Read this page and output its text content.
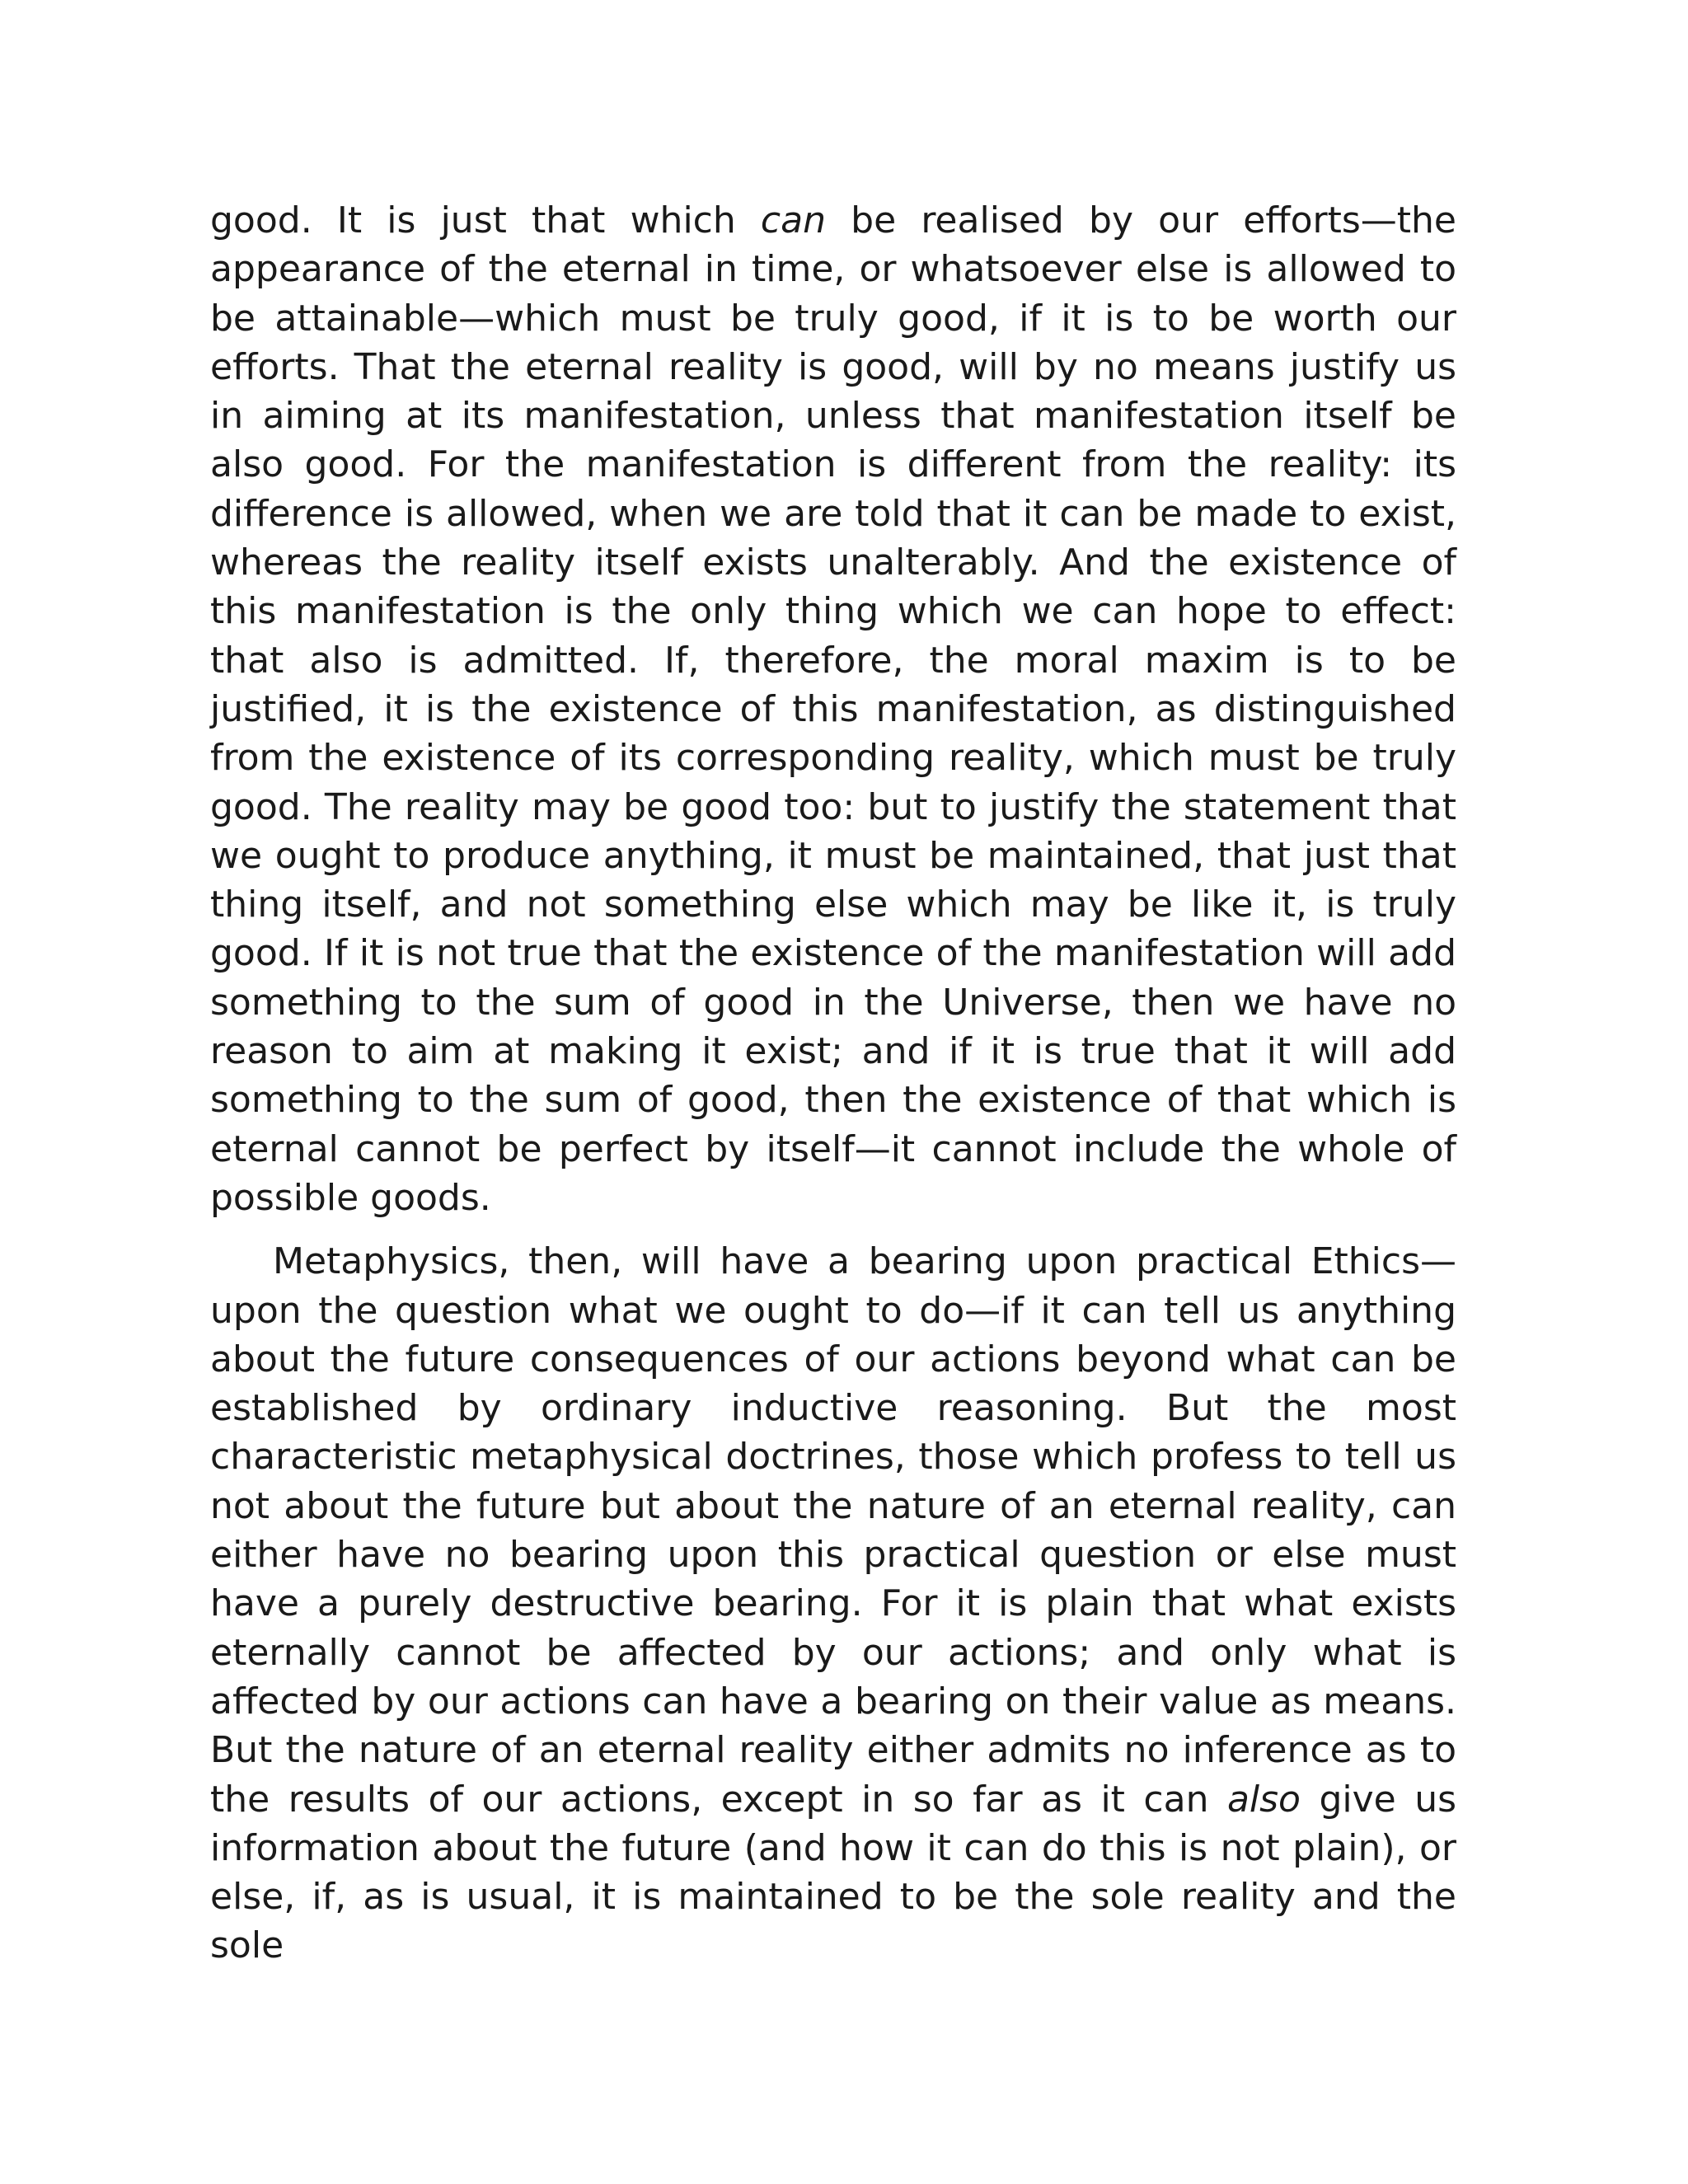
good. It is just that which can be realised by our efforts—the appearance of the eternal in time, or whatsoever else is allowed to be attainable—which must be truly good, if it is to be worth our efforts. That the eternal reality is good, will by no means justify us in aiming at its manifestation, unless that manifestation itself be also good. For the manifestation is different from the reality: its difference is allowed, when we are told that it can be made to exist, whereas the reality itself exists unalterably. And the existence of this manifestation is the only thing which we can hope to effect: that also is admitted. If, therefore, the moral maxim is to be justified, it is the existence of this manifestation, as distinguished from the existence of its corresponding reality, which must be truly good. The reality may be good too: but to justify the statement that we ought to produce anything, it must be maintained, that just that thing itself, and not something else which may be like it, is truly good. If it is not true that the existence of the manifestation will add something to the sum of good in the Universe, then we have no reason to aim at making it exist; and if it is true that it will add something to the sum of good, then the existence of that which is eternal cannot be perfect by itself—it cannot include the whole of possible goods.

Metaphysics, then, will have a bearing upon practical Ethics—upon the question what we ought to do—if it can tell us anything about the future consequences of our actions beyond what can be established by ordinary inductive reasoning. But the most characteristic metaphysical doctrines, those which profess to tell us not about the future but about the nature of an eternal reality, can either have no bearing upon this practical question or else must have a purely destructive bearing. For it is plain that what exists eternally cannot be affected by our actions; and only what is affected by our actions can have a bearing on their value as means. But the nature of an eternal reality either admits no inference as to the results of our actions, except in so far as it can also give us information about the future (and how it can do this is not plain), or else, if, as is usual, it is maintained to be the sole reality and the sole
